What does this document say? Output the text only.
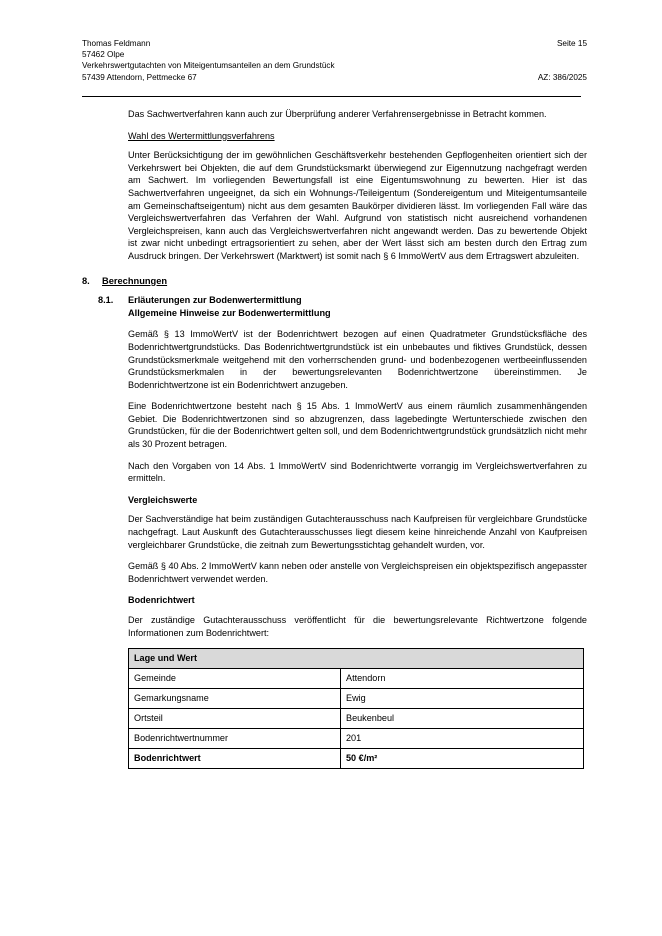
Thomas Feldmann
57462 Olpe
Verkehrswertgutachten von Miteigentumsanteilen an dem Grundstück
Seite 15
57439 Attendorn, Pettmecke 67	AZ: 386/2025

Das Sachwertverfahren kann auch zur Überprüfung anderer Verfahrensergebnisse in Betracht kommen.

Wahl des Wertermittlungsverfahrens

Unter Berücksichtigung der im gewöhnlichen Geschäftsverkehr bestehenden Gepflogenheiten orientiert sich der Verkehrswert bei Objekten, die auf dem Grundstücksmarkt überwiegend zur Eigennutzung nachgefragt werden am Sachwert. Im vorliegenden Bewertungsfall ist eine Eigentumswohnung zu bewerten. Hier ist das Sachwertverfahren ungeeignet, da sich ein Wohnungs-/Teileigentum (Sondereigentum und Miteigentumsanteile am Gemeinschaftseigentum) nicht aus dem gesamten Baukörper dividieren lässt. Im vorliegenden Fall wäre das Vergleichswertverfahren das Verfahren der Wahl. Aufgrund von statistisch nicht ausreichend vorhandenen Vergleichspreisen, kann auch das Vergleichswertverfahren nicht angewandt werden. Das zu bewertende Objekt ist zwar nicht unbedingt ertragsorientiert zu sehen, aber der Wert lässt sich am besten durch den Ertrag zum Ausdruck bringen. Der Verkehrswert (Marktwert) ist somit nach § 6 ImmoWertV aus dem Ertragswert abzuleiten.

8.	Berechnungen
8.1.	Erläuterungen zur Bodenwertermittlung
Allgemeine Hinweise zur Bodenwertermittlung

Gemäß § 13 ImmoWertV ist der Bodenrichtwert bezogen auf einen Quadratmeter Grundstücksfläche des Bodenrichtwertgrundstücks. Das Bodenrichtwertgrundstück ist ein unbebautes und fiktives Grundstück, dessen Grundstücksmerkmale weitgehend mit den vorherrschenden grund- und bodenbezogenen wertbeeinflussenden Grundstücksmerkmalen in der bewertungsrelevanten Bodenrichtwertzone übereinstimmen. Je Bodenrichtwertzone ist ein Bodenrichtwert anzugeben.

Eine Bodenrichtwertzone besteht nach § 15 Abs. 1 ImmoWertV aus einem räumlich zusammenhängenden Gebiet. Die Bodenrichtwertzonen sind so abzugrenzen, dass lagebedingte Wertunterschiede zwischen den Grundstücken, für die der Bodenrichtwert gelten soll, und dem Bodenrichtwertgrundstück grundsätzlich nicht mehr als 30 Prozent betragen.

Nach den Vorgaben von 14 Abs. 1 ImmoWertV sind Bodenrichtwerte vorrangig im Vergleichswertverfahren zu ermitteln.

Vergleichswerte

Der Sachverständige hat beim zuständigen Gutachterausschuss nach Kaufpreisen für vergleichbare Grundstücke nachgefragt. Laut Auskunft des Gutachterausschusses liegt diesem keine hinreichende Anzahl von Kaufpreisen vergleichbarer Grundstücke, die zeitnah zum Bewertungsstichtag gehandelt wurden, vor.

Gemäß § 40 Abs. 2 ImmoWertV kann neben oder anstelle von Vergleichspreisen ein objektspezifisch angepasster Bodenrichtwert verwendet werden.

Bodenrichtwert

Der zuständige Gutachterausschuss veröffentlicht für die bewertungsrelevante Richtwertzone folgende Informationen zum Bodenrichtwert:

Lage und Wert	
Gemeinde	Attendorn
Gemarkungsname	Ewig
Ortsteil	Beukenbeul
Bodenrichtwertnummer	201
Bodenrichtwert	50 €/m²
